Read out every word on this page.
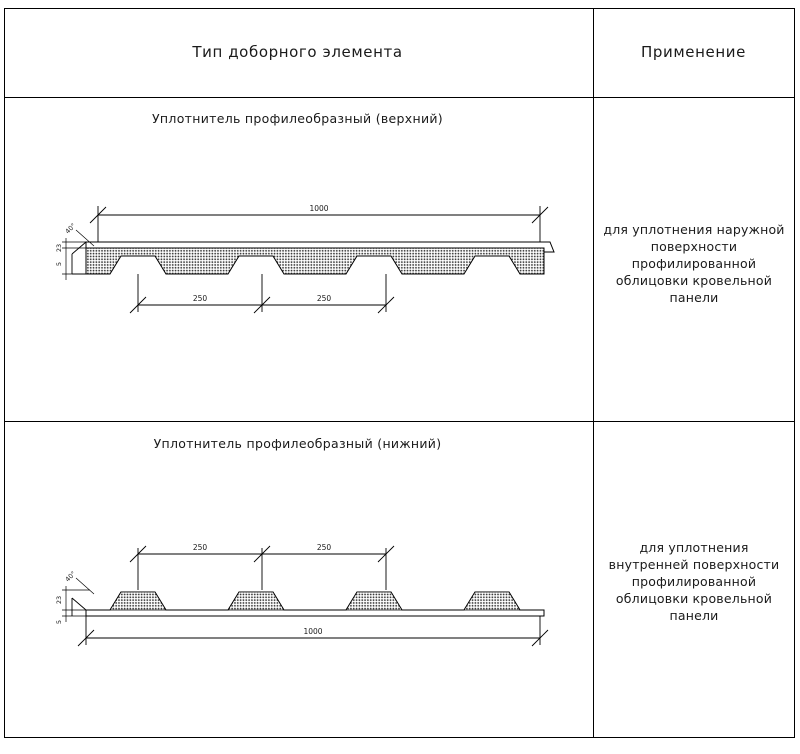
Тип доборного элемента	Применение
Уплотнитель профилеобразный (верхний)
1000
23
5
40°
250	250
для уплотнения наружной поверхности профилированной облицовки кровельной панели
Уплотнитель профилеобразный (нижний)
250	250
23
5
40°
1000
для уплотнения внутренней поверхности профилированной облицовки кровельной панели
